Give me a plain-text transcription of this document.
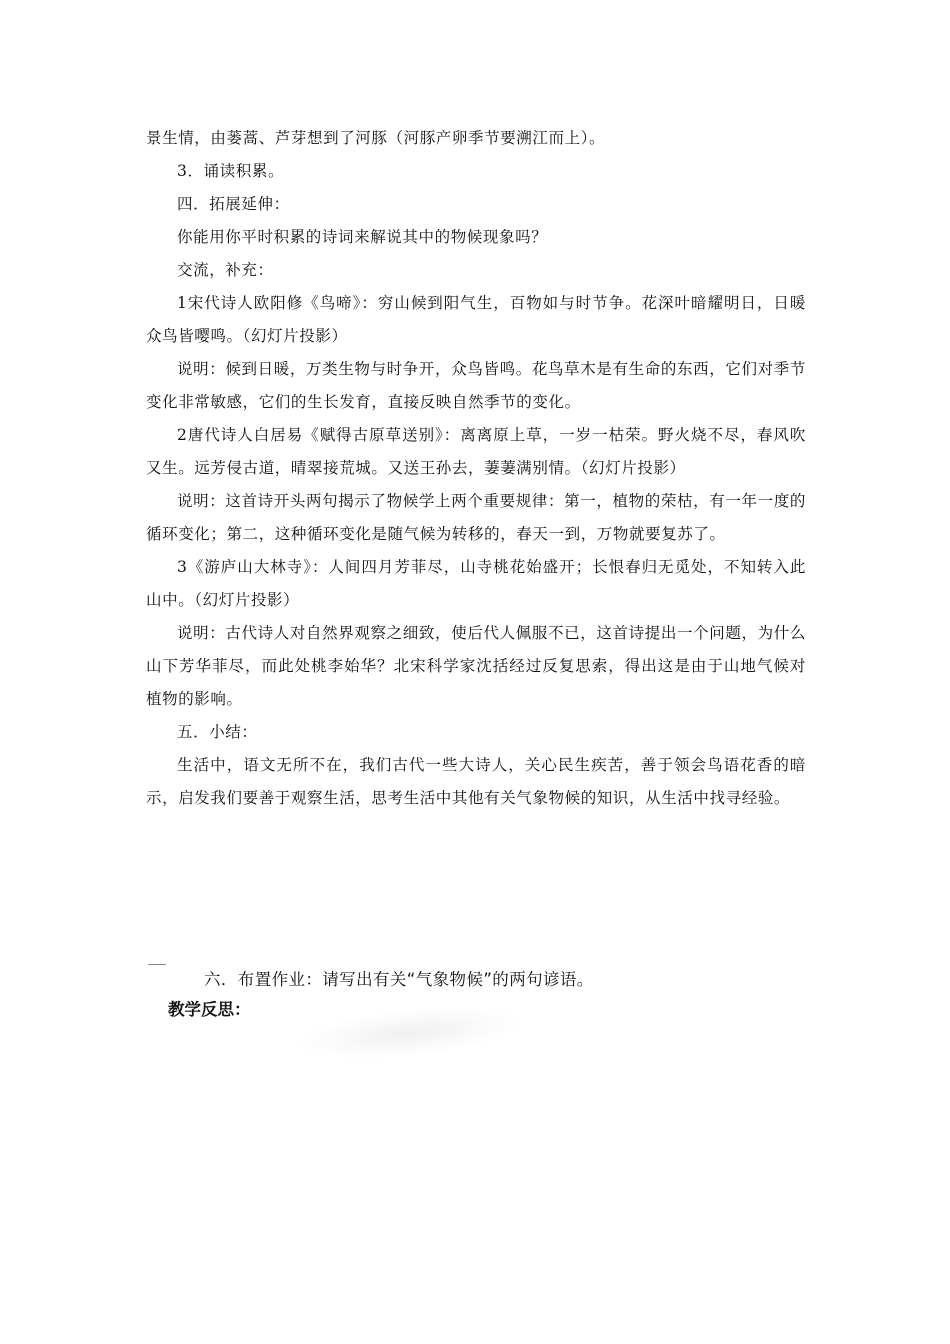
景生情，由蒌蒿、芦芽想到了河豚（河豚产卵季节要溯江而上）。

3．诵读积累。

四．拓展延伸：

你能用你平时积累的诗词来解说其中的物候现象吗？

交流，补充：

1宋代诗人欧阳修《鸟啼》：穷山候到阳气生，百物如与时节争。花深叶暗耀明日，日暖众鸟皆嘤鸣。（幻灯片投影）

说明：候到日暖，万类生物与时争开，众鸟皆鸣。花鸟草木是有生命的东西，它们对季节变化非常敏感，它们的生长发育，直接反映自然季节的变化。

2唐代诗人白居易《赋得古原草送别》：离离原上草，一岁一枯荣。野火烧不尽，春风吹又生。远芳侵古道，晴翠接荒城。又送王孙去，萋萋满别情。（幻灯片投影）

说明：这首诗开头两句揭示了物候学上两个重要规律：第一，植物的荣枯，有一年一度的循环变化；第二，这种循环变化是随气候为转移的，春天一到，万物就要复苏了。

3《游庐山大林寺》：人间四月芳菲尽，山寺桃花始盛开；长恨春归无觅处，不知转入此山中。（幻灯片投影）

说明：古代诗人对自然界观察之细致，使后代人佩服不已，这首诗提出一个问题，为什么山下芳华菲尽，而此处桃李始华？北宋科学家沈括经过反复思索，得出这是由于山地气候对植物的影响。

五．小结：

生活中，语文无所不在，我们古代一些大诗人，关心民生疾苦，善于领会鸟语花香的暗示，启发我们要善于观察生活，思考生活中其他有关气象物候的知识，从生活中找寻经验。

六．布置作业：请写出有关“气象物候”的两句谚语。
教学反思：
